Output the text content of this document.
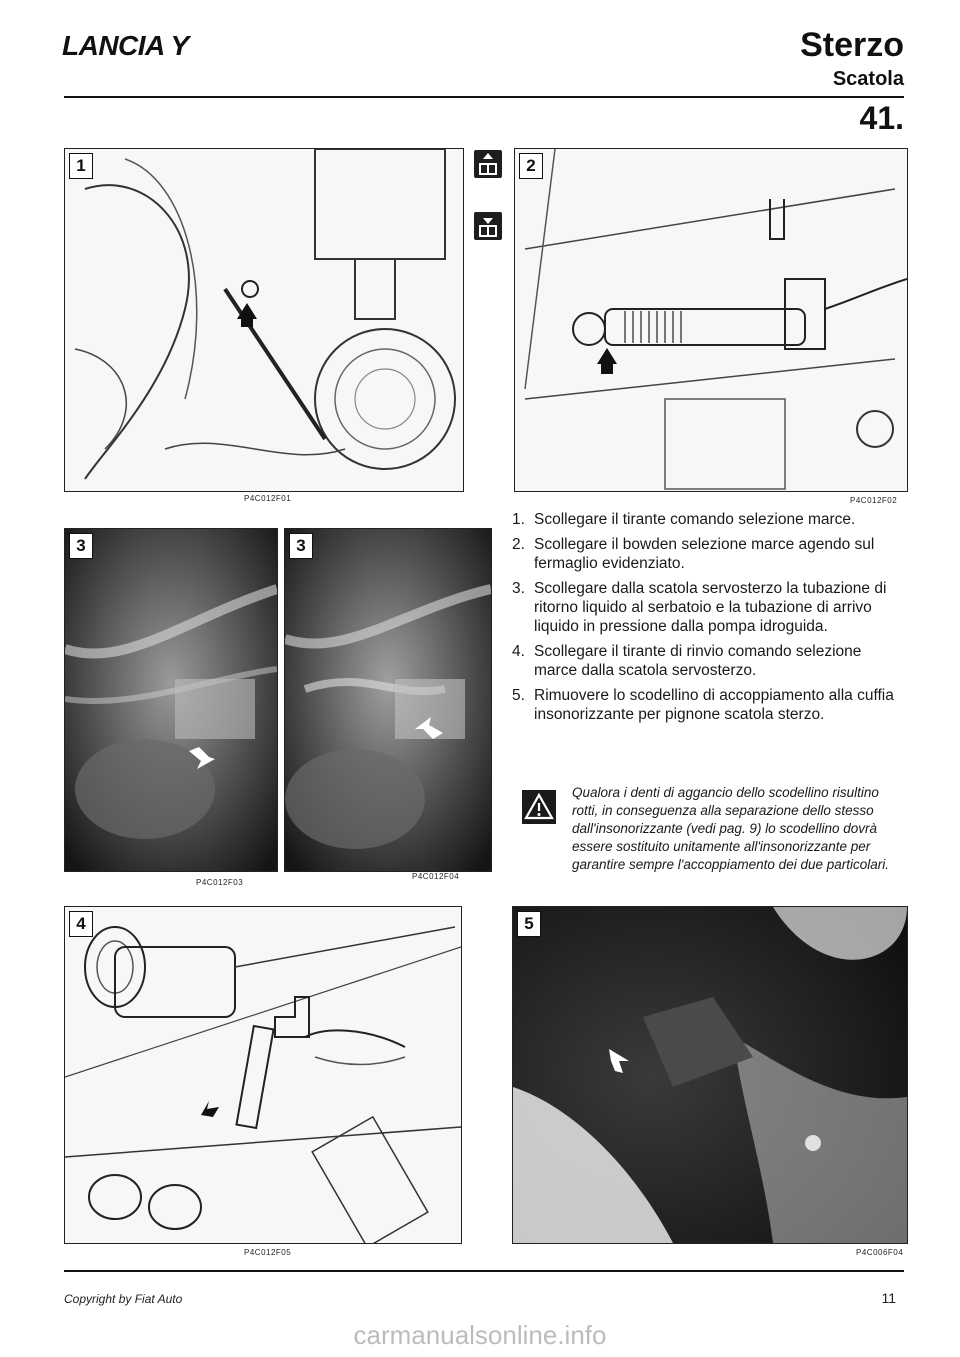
LANCIA Y	Sterzo
Scatola
41.
1
P4C012F01
2
P4C012F02
3
P4C012F03
3
P4C012F04
1. Scollegare il tirante comando selezione marce.
2. Scollegare il bowden selezione marce agendo sul fermaglio evidenziato.
3. Scollegare dalla scatola servosterzo la tubazione di ritorno liquido al serbatoio e la tubazione di arrivo liquido in pressione dalla pompa idroguida.
4. Scollegare il tirante di rinvio comando selezione marce dalla scatola servosterzo.
5. Rimuovere lo scodellino di accoppiamento alla cuffia insonorizzante per pignone scatola sterzo.
Qualora i denti di aggancio dello scodellino risultino rotti, in conseguenza alla separazione dello stesso dall'insonorizzante (vedi pag. 9) lo scodellino dovrà essere sostituito unitamente all'insonorizzante per garantire sempre l'accoppiamento dei due particolari.
4
P4C012F05
5
P4C006F04
Copyright by Fiat Auto	11
carmanualsonline.info
